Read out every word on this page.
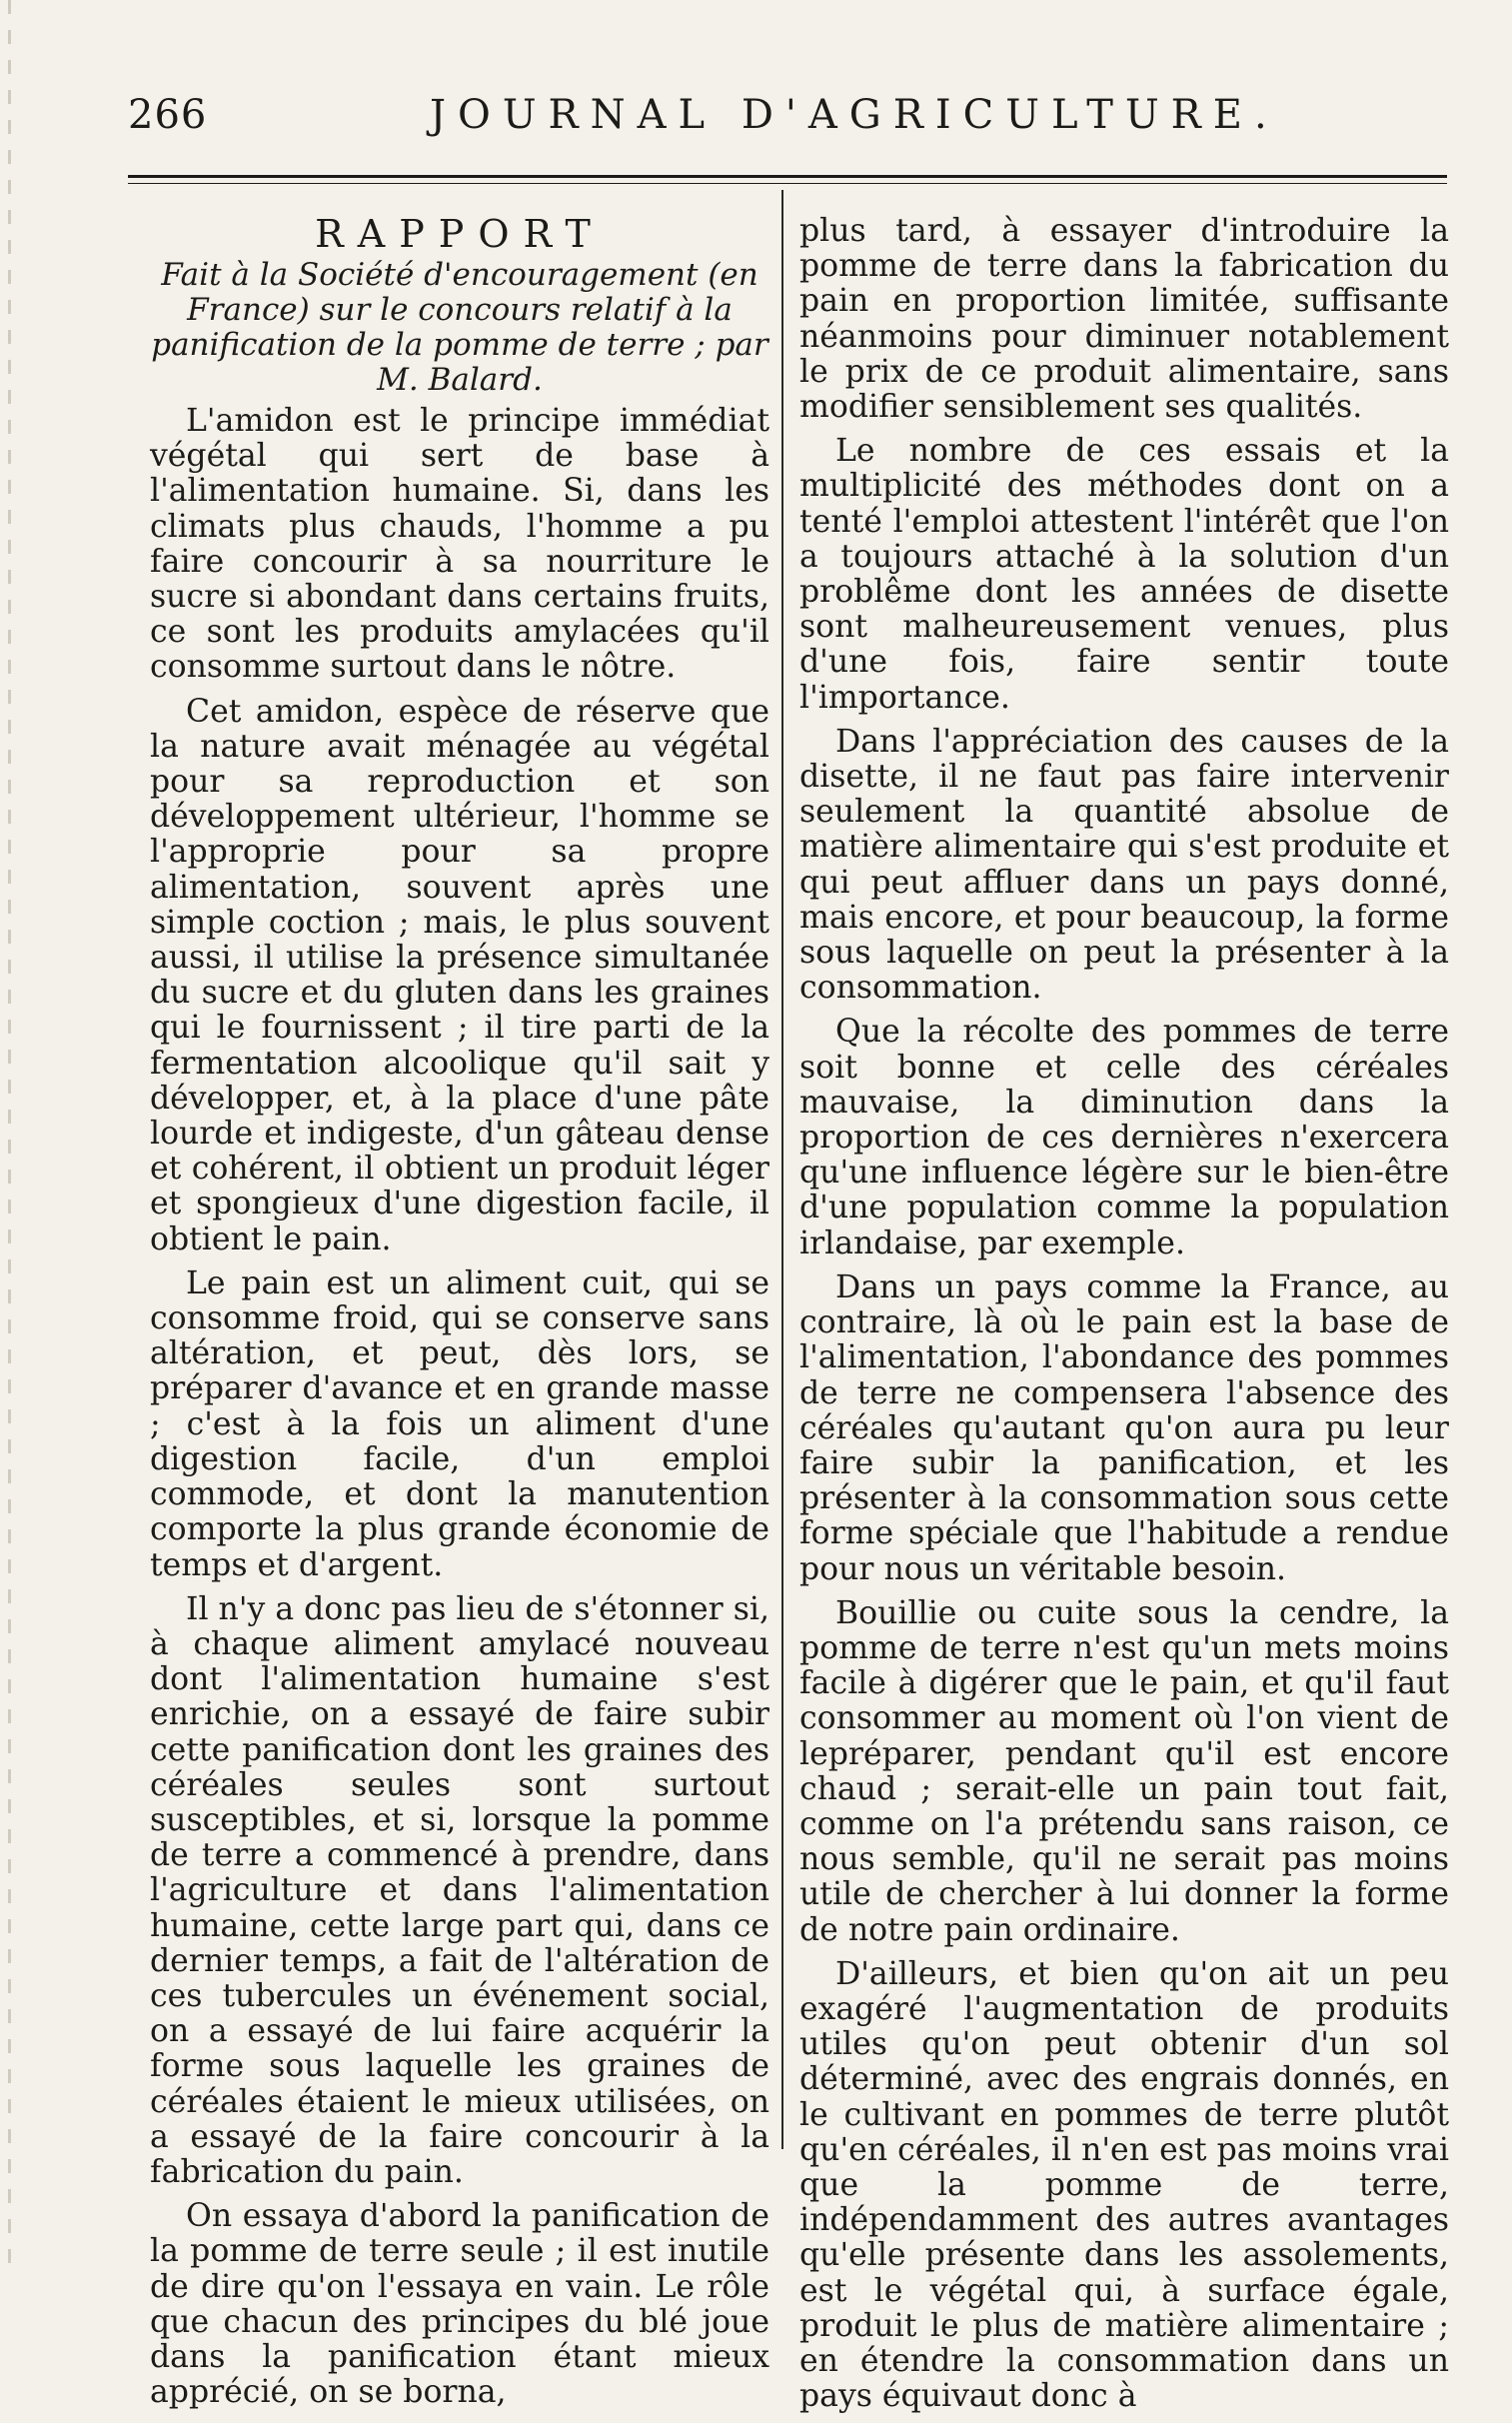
266	JOURNAL D'AGRICULTURE.
RAPPORT
Fait à la Société d'encouragement (en France) sur le concours relatif à la panification de la pomme de terre ; par M. Balard.

L'amidon est le principe immédiat végétal qui sert de base à l'alimentation humaine. Si, dans les climats plus chauds, l'homme a pu faire concourir à sa nourriture le sucre si abondant dans certains fruits, ce sont les produits amylacées qu'il consomme surtout dans le nôtre.

Cet amidon, espèce de réserve que la nature avait ménagée au végétal pour sa reproduction et son développement ultérieur, l'homme se l'approprie pour sa propre alimentation, souvent après une simple coction ; mais, le plus souvent aussi, il utilise la présence simultanée du sucre et du gluten dans les graines qui le fournissent ; il tire parti de la fermentation alcoolique qu'il sait y développer, et, à la place d'une pâte lourde et indigeste, d'un gâteau dense et cohérent, il obtient un produit léger et spongieux d'une digestion facile, il obtient le pain.

Le pain est un aliment cuit, qui se consomme froid, qui se conserve sans altération, et peut, dès lors, se préparer d'avance et en grande masse ; c'est à la fois un aliment d'une digestion facile, d'un emploi commode, et dont la manutention comporte la plus grande économie de temps et d'argent.

Il n'y a donc pas lieu de s'étonner si, à chaque aliment amylacé nouveau dont l'alimentation humaine s'est enrichie, on a essayé de faire subir cette panification dont les graines des céréales seules sont surtout susceptibles, et si, lorsque la pomme de terre a commencé à prendre, dans l'agriculture et dans l'alimentation humaine, cette large part qui, dans ce dernier temps, a fait de l'altération de ces tubercules un événement social, on a essayé de lui faire acquérir la forme sous laquelle les graines de céréales étaient le mieux utilisées, on a essayé de la faire concourir à la fabrication du pain.

On essaya d'abord la panification de la pomme de terre seule ; il est inutile de dire qu'on l'essaya en vain. Le rôle que chacun des principes du blé joue dans la panification étant mieux apprécié, on se borna,

plus tard, à essayer d'introduire la pomme de terre dans la fabrication du pain en proportion limitée, suffisante néanmoins pour diminuer notablement le prix de ce produit alimentaire, sans modifier sensiblement ses qualités.

Le nombre de ces essais et la multiplicité des méthodes dont on a tenté l'emploi attestent l'intérêt que l'on a toujours attaché à la solution d'un problême dont les années de disette sont malheureusement venues, plus d'une fois, faire sentir toute l'importance.

Dans l'appréciation des causes de la disette, il ne faut pas faire intervenir seulement la quantité absolue de matière alimentaire qui s'est produite et qui peut affluer dans un pays donné, mais encore, et pour beaucoup, la forme sous laquelle on peut la présenter à la consommation.

Que la récolte des pommes de terre soit bonne et celle des céréales mauvaise, la diminution dans la proportion de ces dernières n'exercera qu'une influence légère sur le bien-être d'une population comme la population irlandaise, par exemple.

Dans un pays comme la France, au contraire, là où le pain est la base de l'alimentation, l'abondance des pommes de terre ne compensera l'absence des céréales qu'autant qu'on aura pu leur faire subir la panification, et les présenter à la consommation sous cette forme spéciale que l'habitude a rendue pour nous un véritable besoin.

Bouillie ou cuite sous la cendre, la pomme de terre n'est qu'un mets moins facile à digérer que le pain, et qu'il faut consommer au moment où l'on vient de lepréparer, pendant qu'il est encore chaud ; serait-elle un pain tout fait, comme on l'a prétendu sans raison, ce nous semble, qu'il ne serait pas moins utile de chercher à lui donner la forme de notre pain ordinaire.

D'ailleurs, et bien qu'on ait un peu exagéré l'augmentation de produits utiles qu'on peut obtenir d'un sol déterminé, avec des engrais donnés, en le cultivant en pommes de terre plutôt qu'en céréales, il n'en est pas moins vrai que la pomme de terre, indépendamment des autres avantages qu'elle présente dans les assolements, est le végétal qui, à surface égale, produit le plus de matière alimentaire ; en étendre la consommation dans un pays équivaut donc à
